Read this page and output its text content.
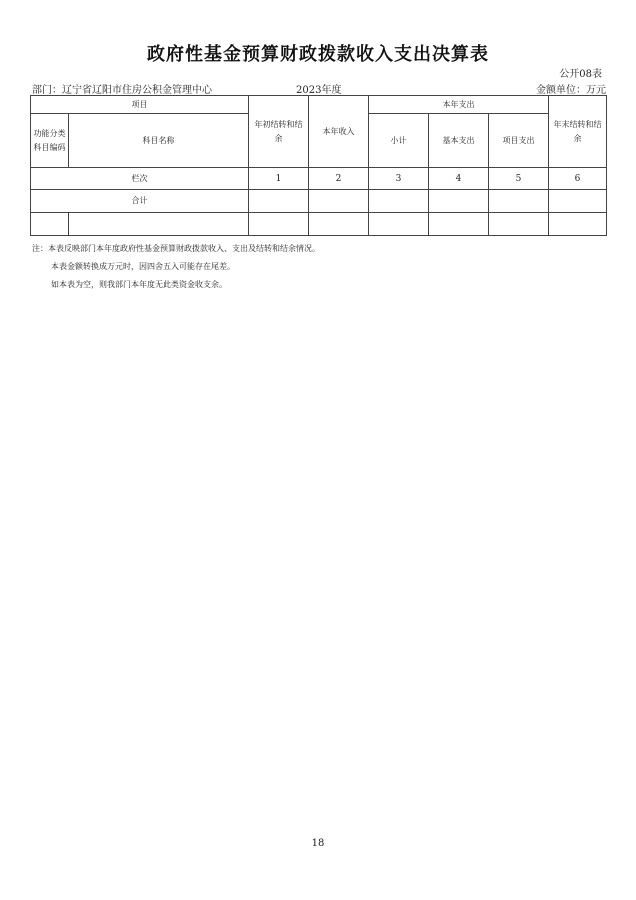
政府性基金预算财政拨款收入支出决算表
公开08表
部门：辽宁省辽阳市住房公积金管理中心	2023年度	金额单位：万元
项目		年初结转和结余	本年收入	本年支出			年末结转和结余
功能分类科目编码	科目名称			小计	基本支出	项目支出	
栏次		1	2	3	4	5	6
合计							

注：本表反映部门本年度政府性基金预算财政拨款收入、支出及结转和结余情况。
本表金额转换成万元时，因四舍五入可能存在尾差。
如本表为空，则我部门本年度无此类资金收支余。
18
